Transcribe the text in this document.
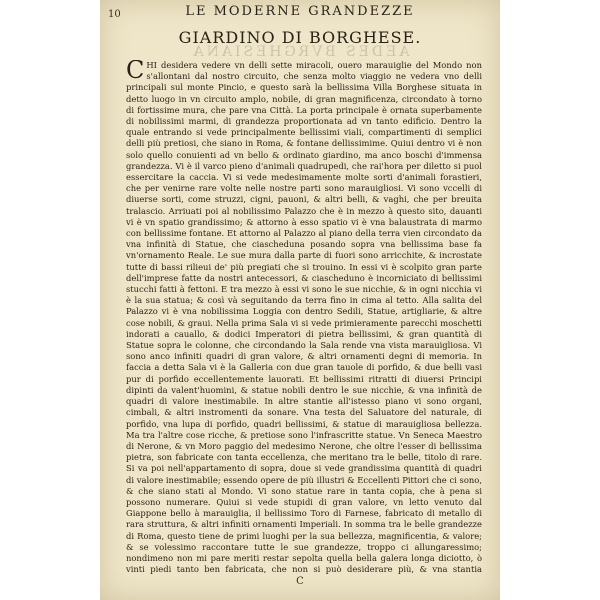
10	LE MODERNE GRANDEZZE
GIARDINO DI BORGHESE.
AEDES BVRGHESIANA
CHI desidera vedere vn delli sette miracoli, ouero marauiglie del Mondo non s'allontani dal nostro circuito, che senza molto viaggio ne vedera vno delli principali sul monte Pincio, e questo sarà la bellissima Villa Borghese situata in detto luogo in vn circuito amplo, nobile, di gran magnificenza, circondato à torno di fortissime mura, che pare vna Città. La porta principale è ornata superbamente di nobilissimi marmi, di grandezza proportionata ad vn tanto edificio. Dentro la quale entrando si vede principalmente bellissimi viali, compartimenti di semplici delli più pretiosi, che siano in Roma, & fontane dellissimime. Quiui dentro vi è non solo quello conuienti ad vn bello & ordinato giardino, ma anco boschi d'immensa grandezza. Vi è il varco pieno d'animali quadrupedi, che rai'hora per diletto si puol essercitare la caccia. Vi si vede medesimamente molte sorti d'animali forastieri, che per venirne rare volte nelle nostre parti sono marauigliosi. Vi sono vccelli di diuerse sorti, come struzzi, cigni, pauoni, & altri belli, & vaghi, che per breuita tralascio. Arriuati poi al nobilissimo Palazzo che è in mezzo à questo sito, dauanti vi è vn spatio grandissimo; & attorno à esso spatio vi è vna balaustrata di marmo con bellissime fontane. Et attorno al Palazzo al piano della terra vien circondato da vna infinità di Statue, che ciascheduna posando sopra vna bellissima base fa vn'ornamento Reale. Le sue mura dalla parte di fuori sono arricchite, & incrostate tutte di bassi rilieui de' più pregiati che si trouino. In essi vi è scolpito gran parte dell'imprese fatte da nostri antecessori, & ciascheduno è incorniciato di bellissimi stucchi fatti à fettoni. E tra mezzo à essi vi sono le sue nicchie, & in ogni nicchia vi è la sua statua; & così và seguitando da terra fino in cima al tetto. Alla salita del Palazzo vi è vna nobilissima Loggia con dentro Sedili, Statue, artigliarie, & altre cose nobili, & graui. Nella prima Sala vi si vede primieramente parecchi moschetti indorati a cauallo, & dodici Imperatori di pietra bellissimi, & gran quantità di Statue sopra le colonne, che circondando la Sala rende vna vista marauigliosa. Vi sono anco infiniti quadri di gran valore, & altri ornamenti degni di memoria. In faccia a detta Sala vi è la Galleria con due gran tauole di porfido, & due belli vasi pur di porfido eccellentemente lauorati. Et bellissimi ritratti di diuersi Principi dipinti da valent'huomini, & statue nobili dentro le sue nicchie, & vna infinità de quadri di valore inestimabile. In altre stantie all'istesso piano vi sono organi, cimbali, & altri instromenti da sonare. Vna testa del Saluatore del naturale, di porfido, vna lupa di porfido, quadri bellissimi, & statue di marauigliosa bellezza. Ma tra l'altre cose ricche, & pretiose sono l'infrascritte statue. Vn Seneca Maestro di Nerone, & vn Moro paggio del medesimo Nerone, che oltre l'esser di bellissima pietra, son fabricate con tanta eccellenza, che meritano tra le belle, titolo di rare. Si va poi nell'appartamento di sopra, doue si vede grandissima quantità di quadri di valore inestimabile; essendo opere de più illustri & Eccellenti Pittori che ci sono, & che siano stati al Mondo. Vi sono statue rare in tanta copia, che à pena si possono numerare. Quiui si vede stupidi di gran valore, vn letto venuto dal Giappone bello à marauiglia, il bellissimo Toro di Farnese, fabricato di metallo di rara struttura, & altri infiniti ornamenti Imperiali. In somma tra le belle grandezze di Roma, questo tiene de primi luoghi per la sua bellezza, magnificentia, & valore; & se volessimo raccontare tutte le sue grandezze, troppo ci allungaressimo; nondimeno non mi pare meriti restar sepolta quella bella galera longa diciotto, ò vinti piedi tanto ben fabricata, che non si può desiderare più, & vna stantia
C
